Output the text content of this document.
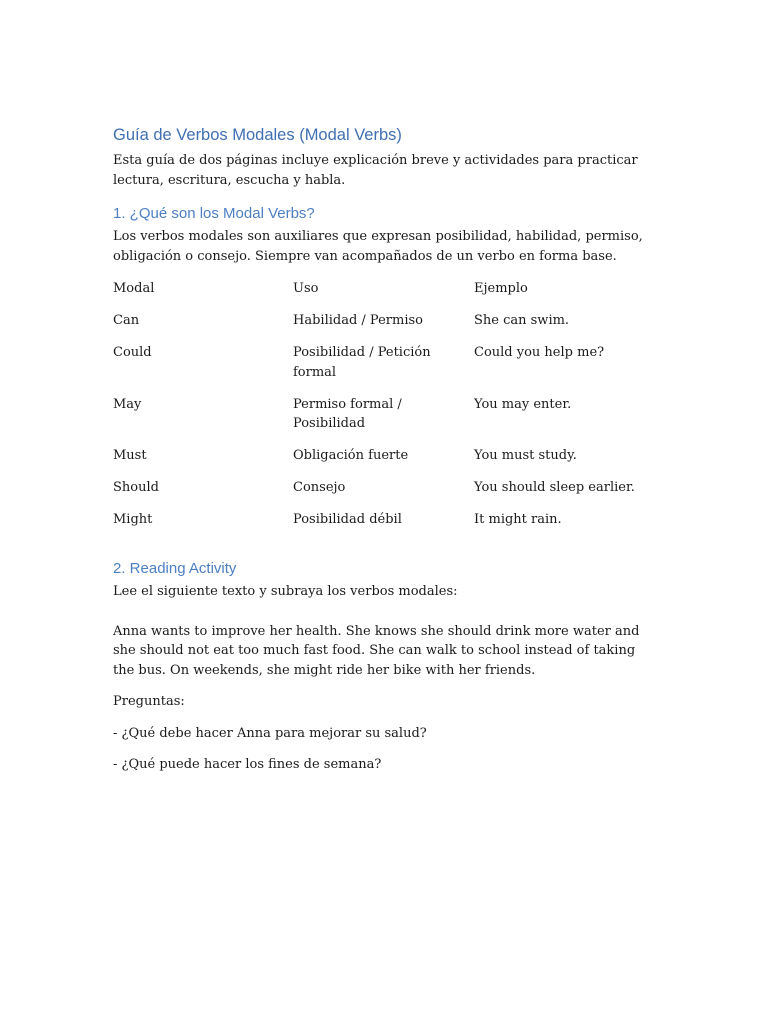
Guía de Verbos Modales (Modal Verbs)

Esta guía de dos páginas incluye explicación breve y actividades para practicar lectura, escritura, escucha y habla.

1. ¿Qué son los Modal Verbs?

Los verbos modales son auxiliares que expresan posibilidad, habilidad, permiso, obligación o consejo. Siempre van acompañados de un verbo en forma base.

Modal	Uso	Ejemplo
Can	Habilidad / Permiso	She can swim.
Could	Posibilidad / Petición formal	Could you help me?
May	Permiso formal / Posibilidad	You may enter.
Must	Obligación fuerte	You must study.
Should	Consejo	You should sleep earlier.
Might	Posibilidad débil	It might rain.
2. Reading Activity

Lee el siguiente texto y subraya los verbos modales:

Anna wants to improve her health. She knows she should drink more water and she should not eat too much fast food. She can walk to school instead of taking the bus. On weekends, she might ride her bike with her friends.

Preguntas:

- ¿Qué debe hacer Anna para mejorar su salud?

- ¿Qué puede hacer los fines de semana?
